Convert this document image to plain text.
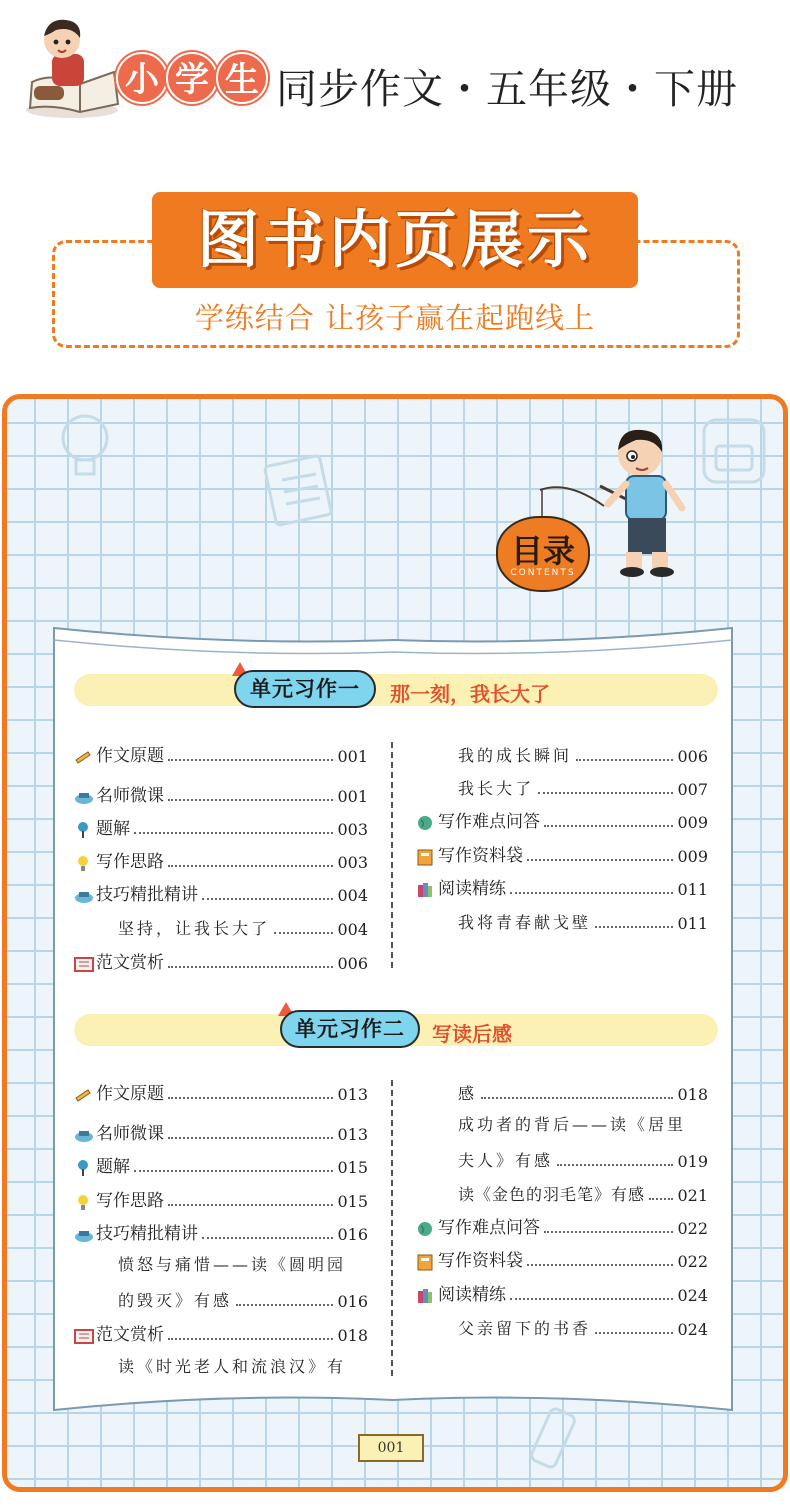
小 学 生 同步作文・五年级・下册
图书内页展示
学练结合 让孩子赢在起跑线上
目录
CONTENTS
单元习作一	那一刻，我长大了
作文原题	001
名师微课	001
题解	003
写作思路	003
技巧精批精讲	004
坚持，让我长大了	004
范文赏析	006
我的成长瞬间	006
我长大了	007
写作难点问答	009
写作资料袋	009
阅读精练	011
我将青春献戈壁	011
单元习作二	写读后感
作文原题	013
名师微课	013
题解	015
写作思路	015
技巧精批精讲	016
愤怒与痛惜——读《圆明园
的毁灭》有感	016
范文赏析	018
读《时光老人和流浪汉》有
感	018
成功者的背后——读《居里
夫人》有感	019
读《金色的羽毛笔》有感 021
写作难点问答	022
写作资料袋	022
阅读精练	024
父亲留下的书香	024
001
